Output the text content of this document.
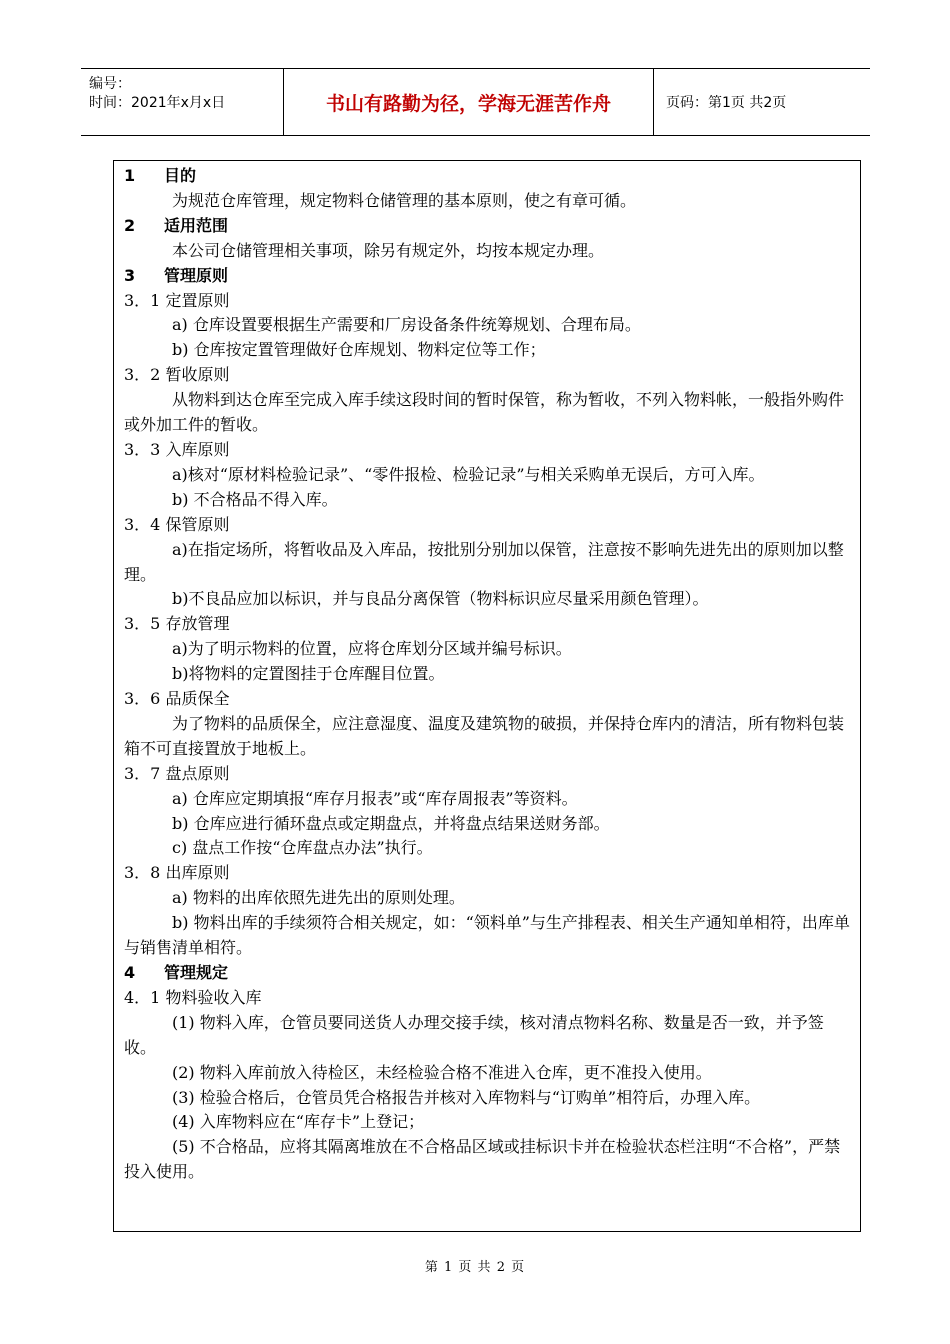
编号：
时间：2021年x月x日	书山有路勤为径，学海无涯苦作舟	页码：第1页 共2页
1 目的
为规范仓库管理，规定物料仓储管理的基本原则，使之有章可循。
2 适用范围
本公司仓储管理相关事项，除另有规定外，均按本规定办理。
3 管理原则
3．1 定置原则
a) 仓库设置要根据生产需要和厂房设备条件统筹规划、合理布局。
b) 仓库按定置管理做好仓库规划、物料定位等工作；
3．2 暂收原则
从物料到达仓库至完成入库手续这段时间的暂时保管，称为暂收，不列入物料帐，一般指外购件或外加工件的暂收。
3．3 入库原则
a)核对“原材料检验记录”、“零件报检、检验记录”与相关采购单无误后，方可入库。
b) 不合格品不得入库。
3．4 保管原则
a)在指定场所，将暂收品及入库品，按批别分别加以保管，注意按不影响先进先出的原则加以整理。
b)不良品应加以标识，并与良品分离保管（物料标识应尽量采用颜色管理）。
3．5 存放管理
a)为了明示物料的位置，应将仓库划分区域并编号标识。
b)将物料的定置图挂于仓库醒目位置。
3．6 品质保全
为了物料的品质保全，应注意湿度、温度及建筑物的破损，并保持仓库内的清洁，所有物料包装箱不可直接置放于地板上。
3．7 盘点原则
a) 仓库应定期填报“库存月报表”或“库存周报表”等资料。
b) 仓库应进行循环盘点或定期盘点，并将盘点结果送财务部。
c) 盘点工作按“仓库盘点办法”执行。
3．8 出库原则
a) 物料的出库依照先进先出的原则处理。
b) 物料出库的手续须符合相关规定，如：“领料单”与生产排程表、相关生产通知单相符，出库单与销售清单相符。
4 管理规定
4．1 物料验收入库
(1) 物料入库，仓管员要同送货人办理交接手续，核对清点物料名称、数量是否一致，并予签收。
(2) 物料入库前放入待检区，未经检验合格不准进入仓库，更不准投入使用。
(3) 检验合格后，仓管员凭合格报告并核对入库物料与“订购单”相符后，办理入库。
(4) 入库物料应在“库存卡”上登记；
(5) 不合格品，应将其隔离堆放在不合格品区域或挂标识卡并在检验状态栏注明“不合格”，严禁投入使用。
第 1 页 共 2 页
